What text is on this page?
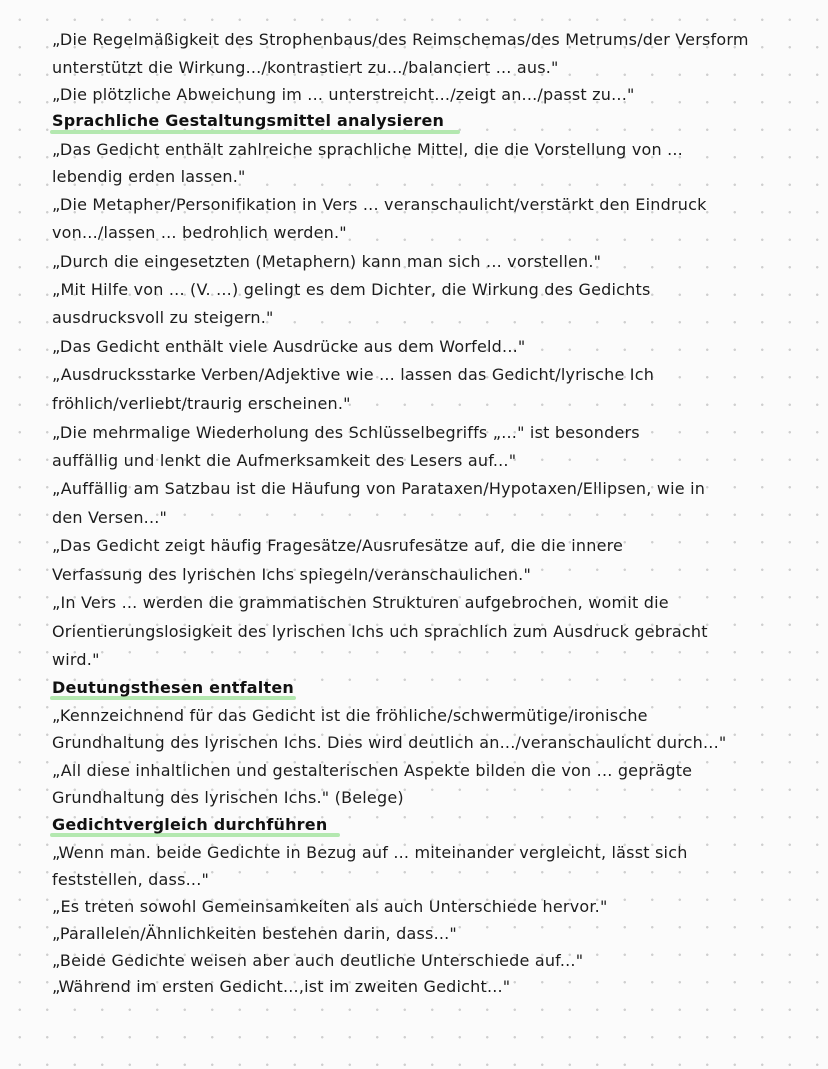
„Die Regelmäßigkeit des Strophenbaus/des Reimschemas/des Metrums/der Versform

unterstützt die Wirkung.../kontrastiert zu.../balanciert ... aus."

„Die plötzliche Abweichung im ... unterstreicht.../zeigt an.../passt zu..."

Sprachliche Gestaltungsmittel analysieren

„Das Gedicht enthält zahlreiche sprachliche Mittel, die die Vorstellung von ...

lebendig erden lassen."

„Die Metapher/Personifikation in Vers ... veranschaulicht/verstärkt den Eindruck

von.../lassen ... bedrohlich werden."

„Durch die eingesetzten (Metaphern) kann man sich ... vorstellen."

„Mit Hilfe von ... (V. ...) gelingt es dem Dichter, die Wirkung des Gedichts

ausdrucksvoll zu steigern."

„Das Gedicht enthält viele Ausdrücke aus dem Worfeld..."

„Ausdrucksstarke Verben/Adjektive wie ... lassen das Gedicht/lyrische Ich

fröhlich/verliebt/traurig erscheinen."

„Die mehrmalige Wiederholung des Schlüsselbegriffs „..." ist besonders

auffällig und lenkt die Aufmerksamkeit des Lesers auf..."

„Auffällig am Satzbau ist die Häufung von Parataxen/Hypotaxen/Ellipsen, wie in

den Versen..."

„Das Gedicht zeigt häufig Fragesätze/Ausrufesätze auf, die die innere

Verfassung des lyrischen Ichs spiegeln/veranschaulichen."

„In Vers ... werden die grammatischen Strukturen aufgebrochen, womit die

Orientierungslosigkeit des lyrischen Ichs uch sprachlich zum Ausdruck gebracht

wird."

Deutungsthesen entfalten

„Kennzeichnend für das Gedicht ist die fröhliche/schwermütige/ironische

Grundhaltung des lyrischen Ichs. Dies wird deutlich an.../veranschaulicht durch..."

„All diese inhaltlichen und gestalterischen Aspekte bilden die von ... geprägte

Grundhaltung des lyrischen Ichs." (Belege)

Gedichtvergleich durchführen

„Wenn man. beide Gedichte in Bezug auf ... miteinander vergleicht, lässt sich

feststellen, dass..."

„Es treten sowohl Gemeinsamkeiten als auch Unterschiede hervor."

„Parallelen/Ähnlichkeiten bestehen darin, dass..."

„Beide Gedichte weisen aber auch deutliche Unterschiede auf..."

„Während im ersten Gedicht...,ist im zweiten Gedicht..."
